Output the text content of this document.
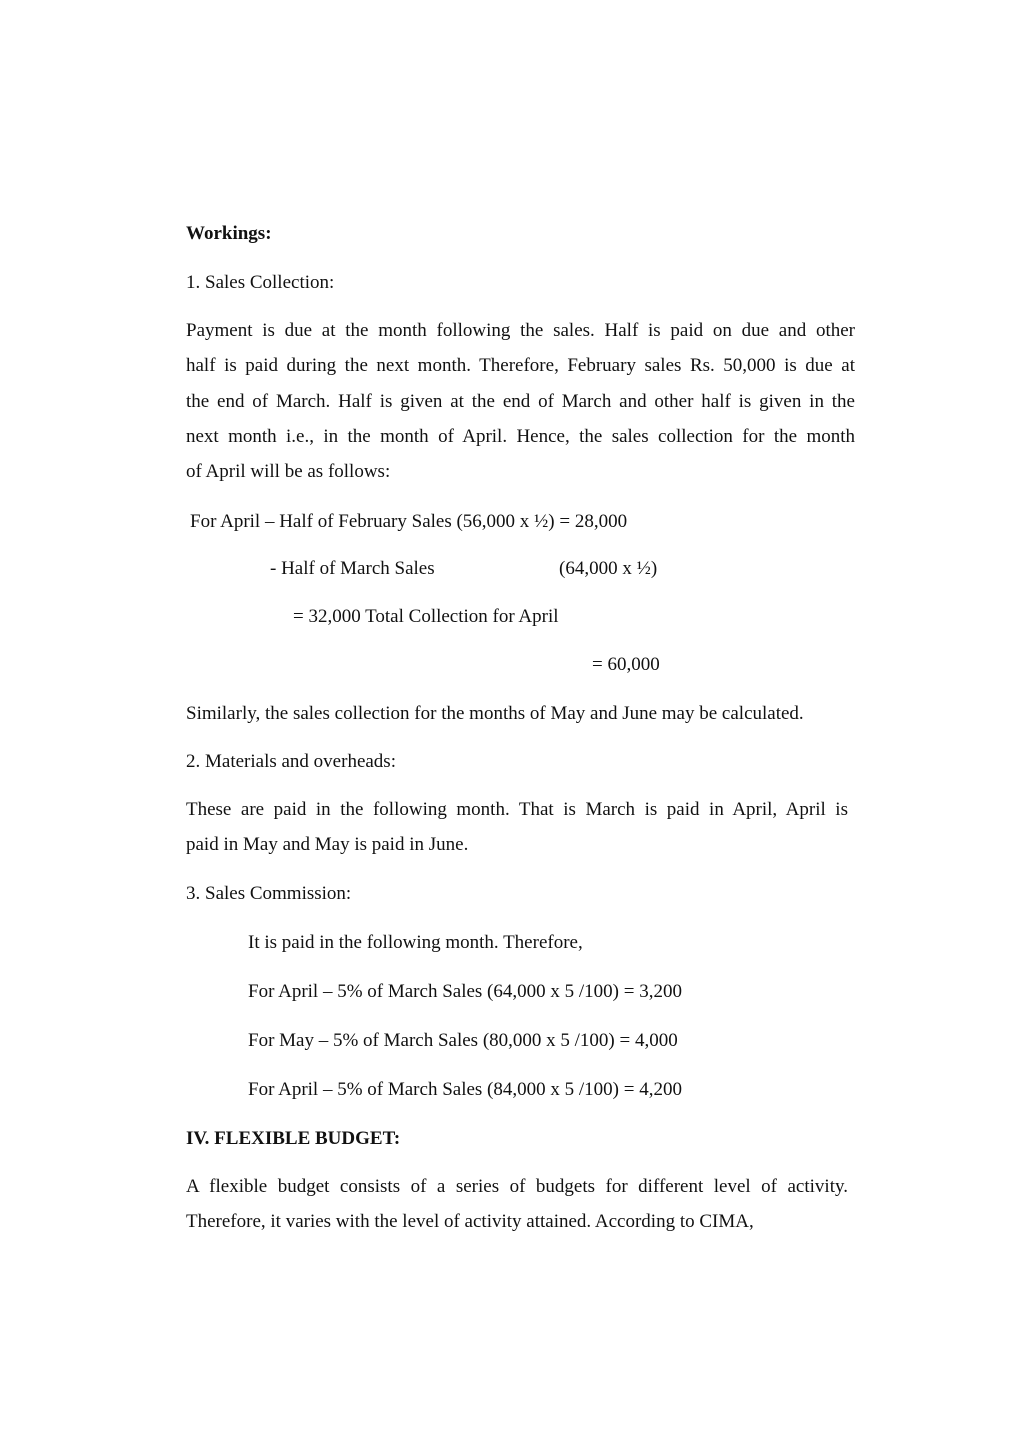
Workings:
1. Sales Collection:
Payment is due at the month following the sales. Half is paid on due and other
half is paid during the next month. Therefore, February sales Rs. 50,000 is due at
the end of March. Half is given at the end of March and other half is given in the
next month i.e., in the month of April. Hence, the sales collection for the month
of April will be as follows:
For April – Half of February Sales (56,000 x ½) = 28,000
- Half of March Sales	(64,000 x ½)
= 32,000 Total Collection for April
= 60,000
Similarly, the sales collection for the months of May and June may be calculated.
2. Materials and overheads:
These are paid in the following month. That is March is paid in April, April is
paid in May and May is paid in June.
3. Sales Commission:
It is paid in the following month. Therefore,
For April – 5% of March Sales (64,000 x 5 /100) = 3,200
For May – 5% of March Sales (80,000 x 5 /100) = 4,000
For April – 5% of March Sales (84,000 x 5 /100) = 4,200
IV. FLEXIBLE BUDGET:
A flexible budget consists of a series of budgets for different level of activity.
Therefore, it varies with the level of activity attained. According to CIMA,
